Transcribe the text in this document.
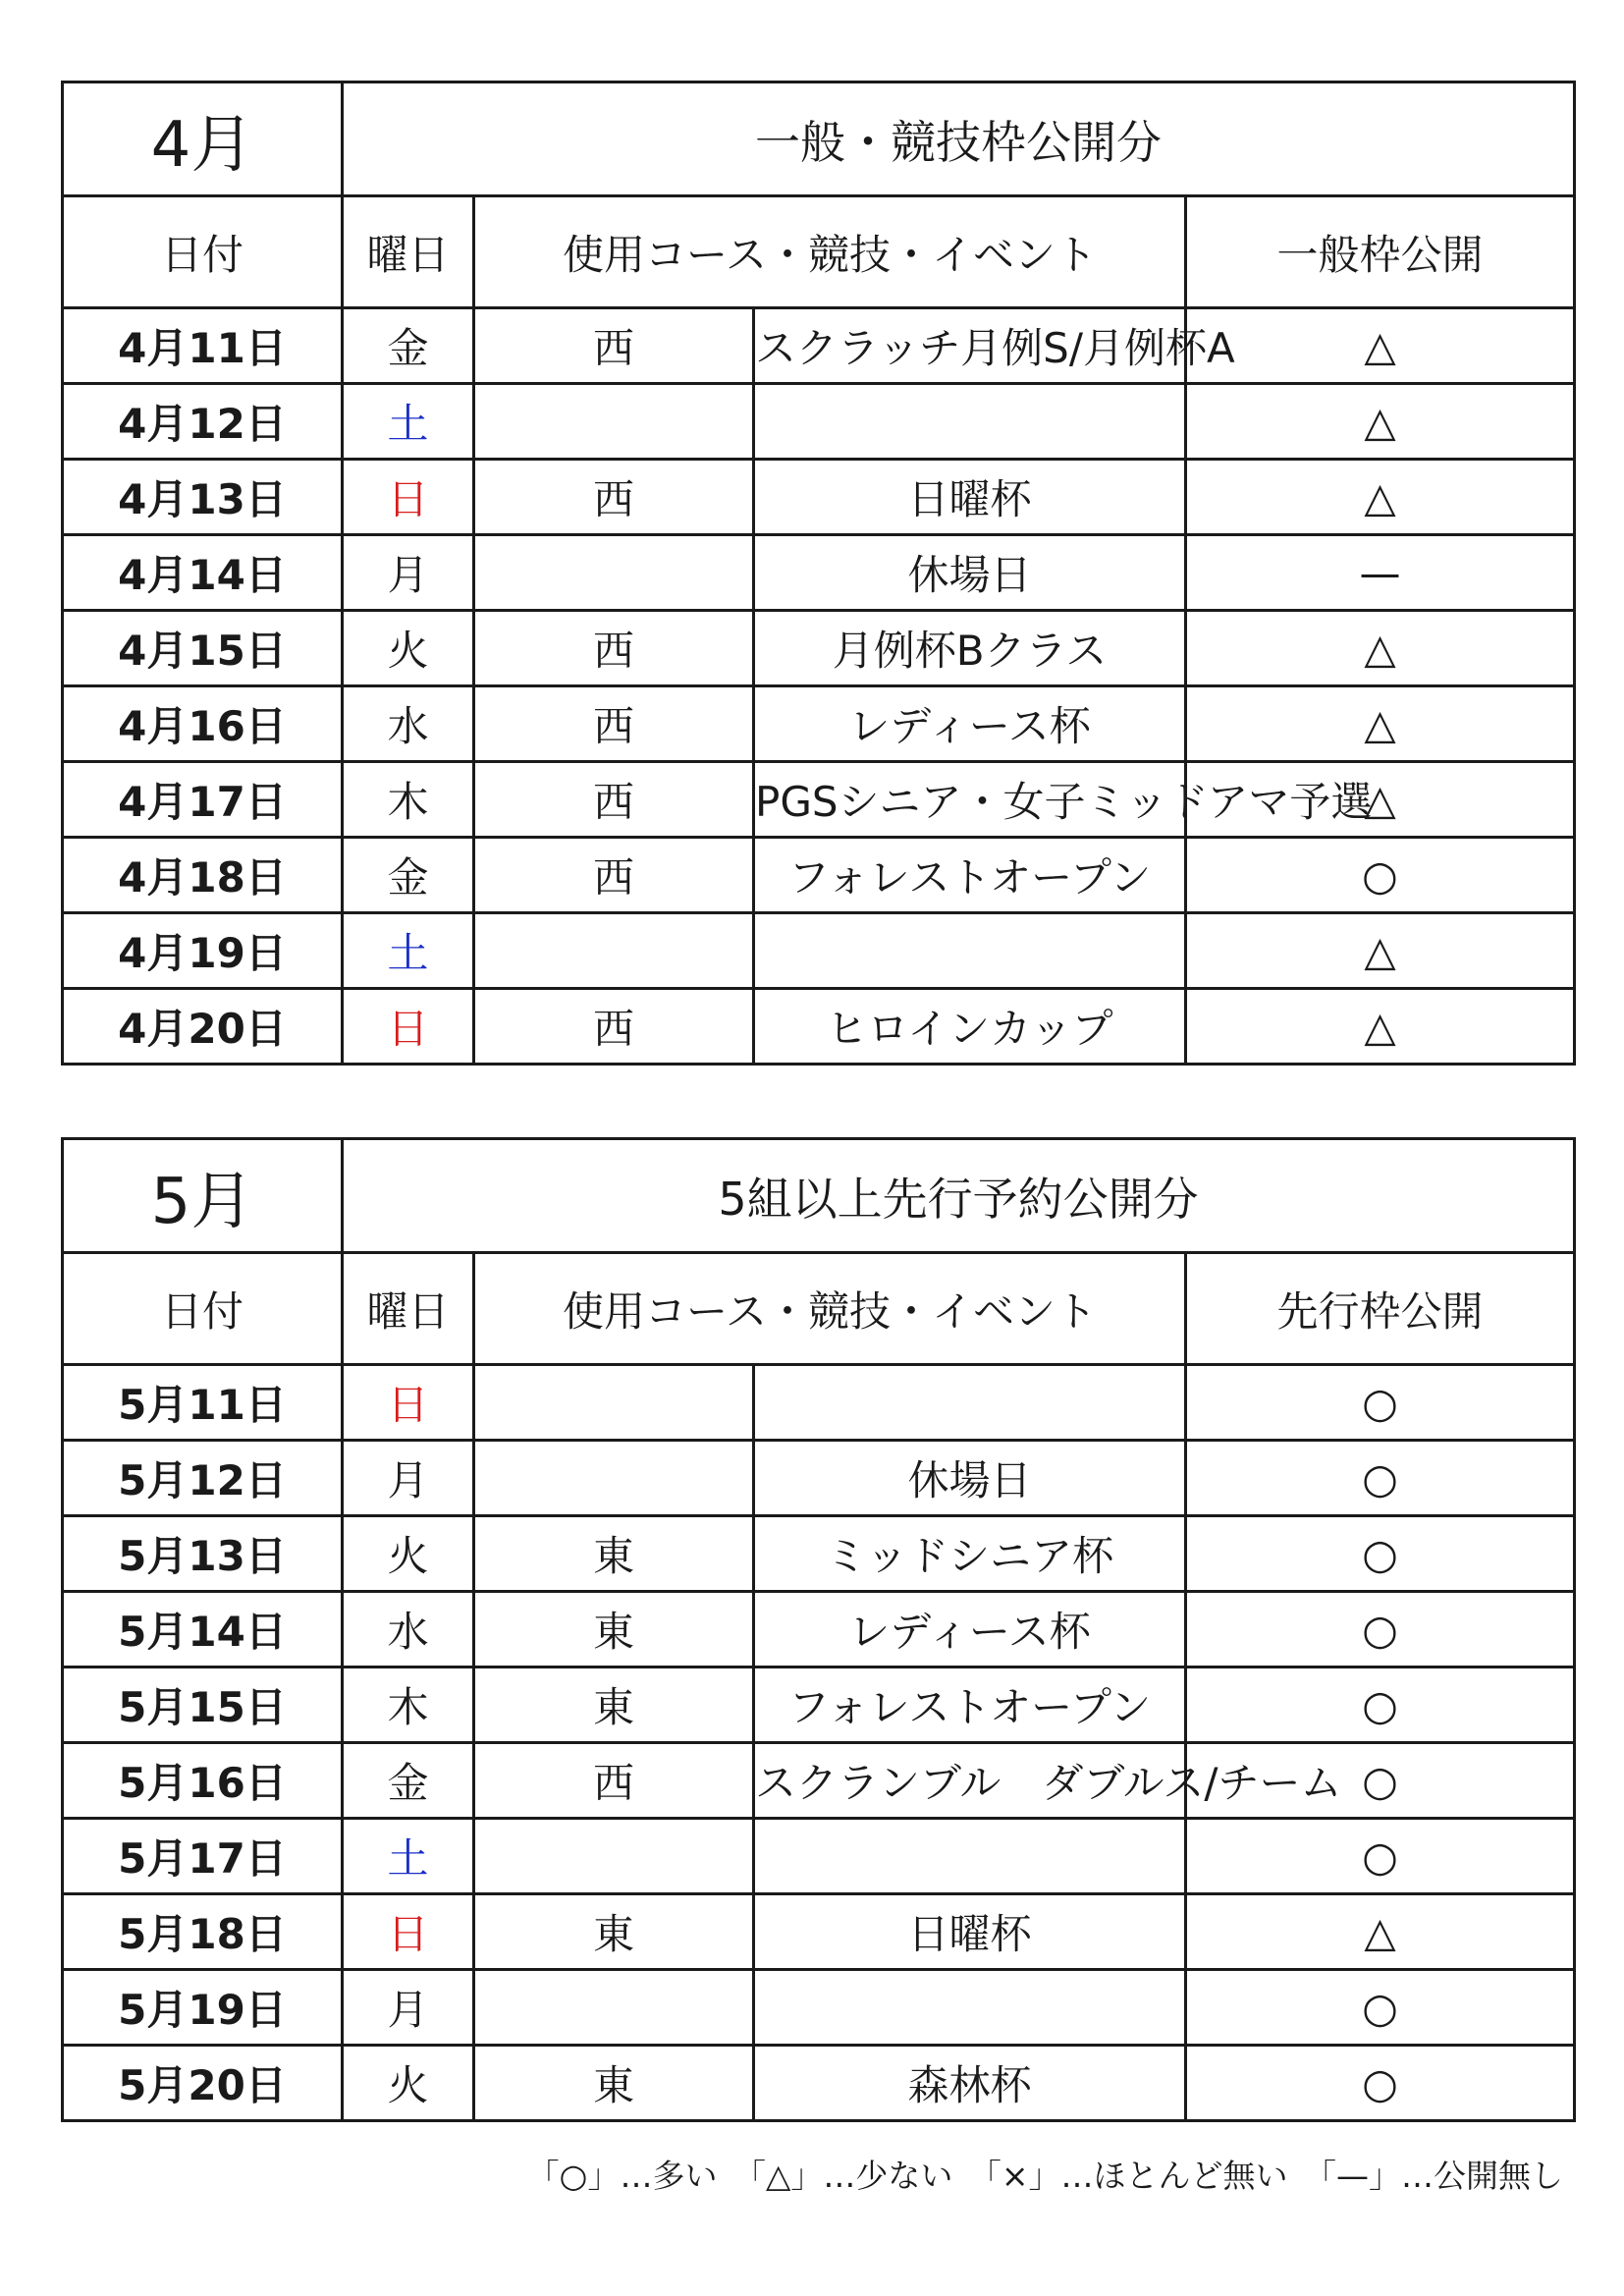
4月	一般・競技枠公開分			
日付	曜日	使用コース・競技・イベント		一般枠公開
4月11日	金	西	スクラッチ月例S/月例杯A	△
4月12日	土			△
4月13日	日	西	日曜杯	△
4月14日	月		休場日	—
4月15日	火	西	月例杯Bクラス	△
4月16日	水	西	レディース杯	△
4月17日	木	西	PGSシニア・女子ミッドアマ予選	△
4月18日	金	西	フォレストオープン	○
4月19日	土			△
4月20日	日	西	ヒロインカップ	△
5月	5組以上先行予約公開分			
日付	曜日	使用コース・競技・イベント		先行枠公開
5月11日	日			○
5月12日	月		休場日	○
5月13日	火	東	ミッドシニア杯	○
5月14日	水	東	レディース杯	○
5月15日	木	東	フォレストオープン	○
5月16日	金	西	スクランブル　ダブルス/チーム	○
5月17日	土			○
5月18日	日	東	日曜杯	△
5月19日	月			○
5月20日	火	東	森林杯	○
「○」…多い　「△」…少ない　「×」…ほとんど無い　「—」…公開無し
